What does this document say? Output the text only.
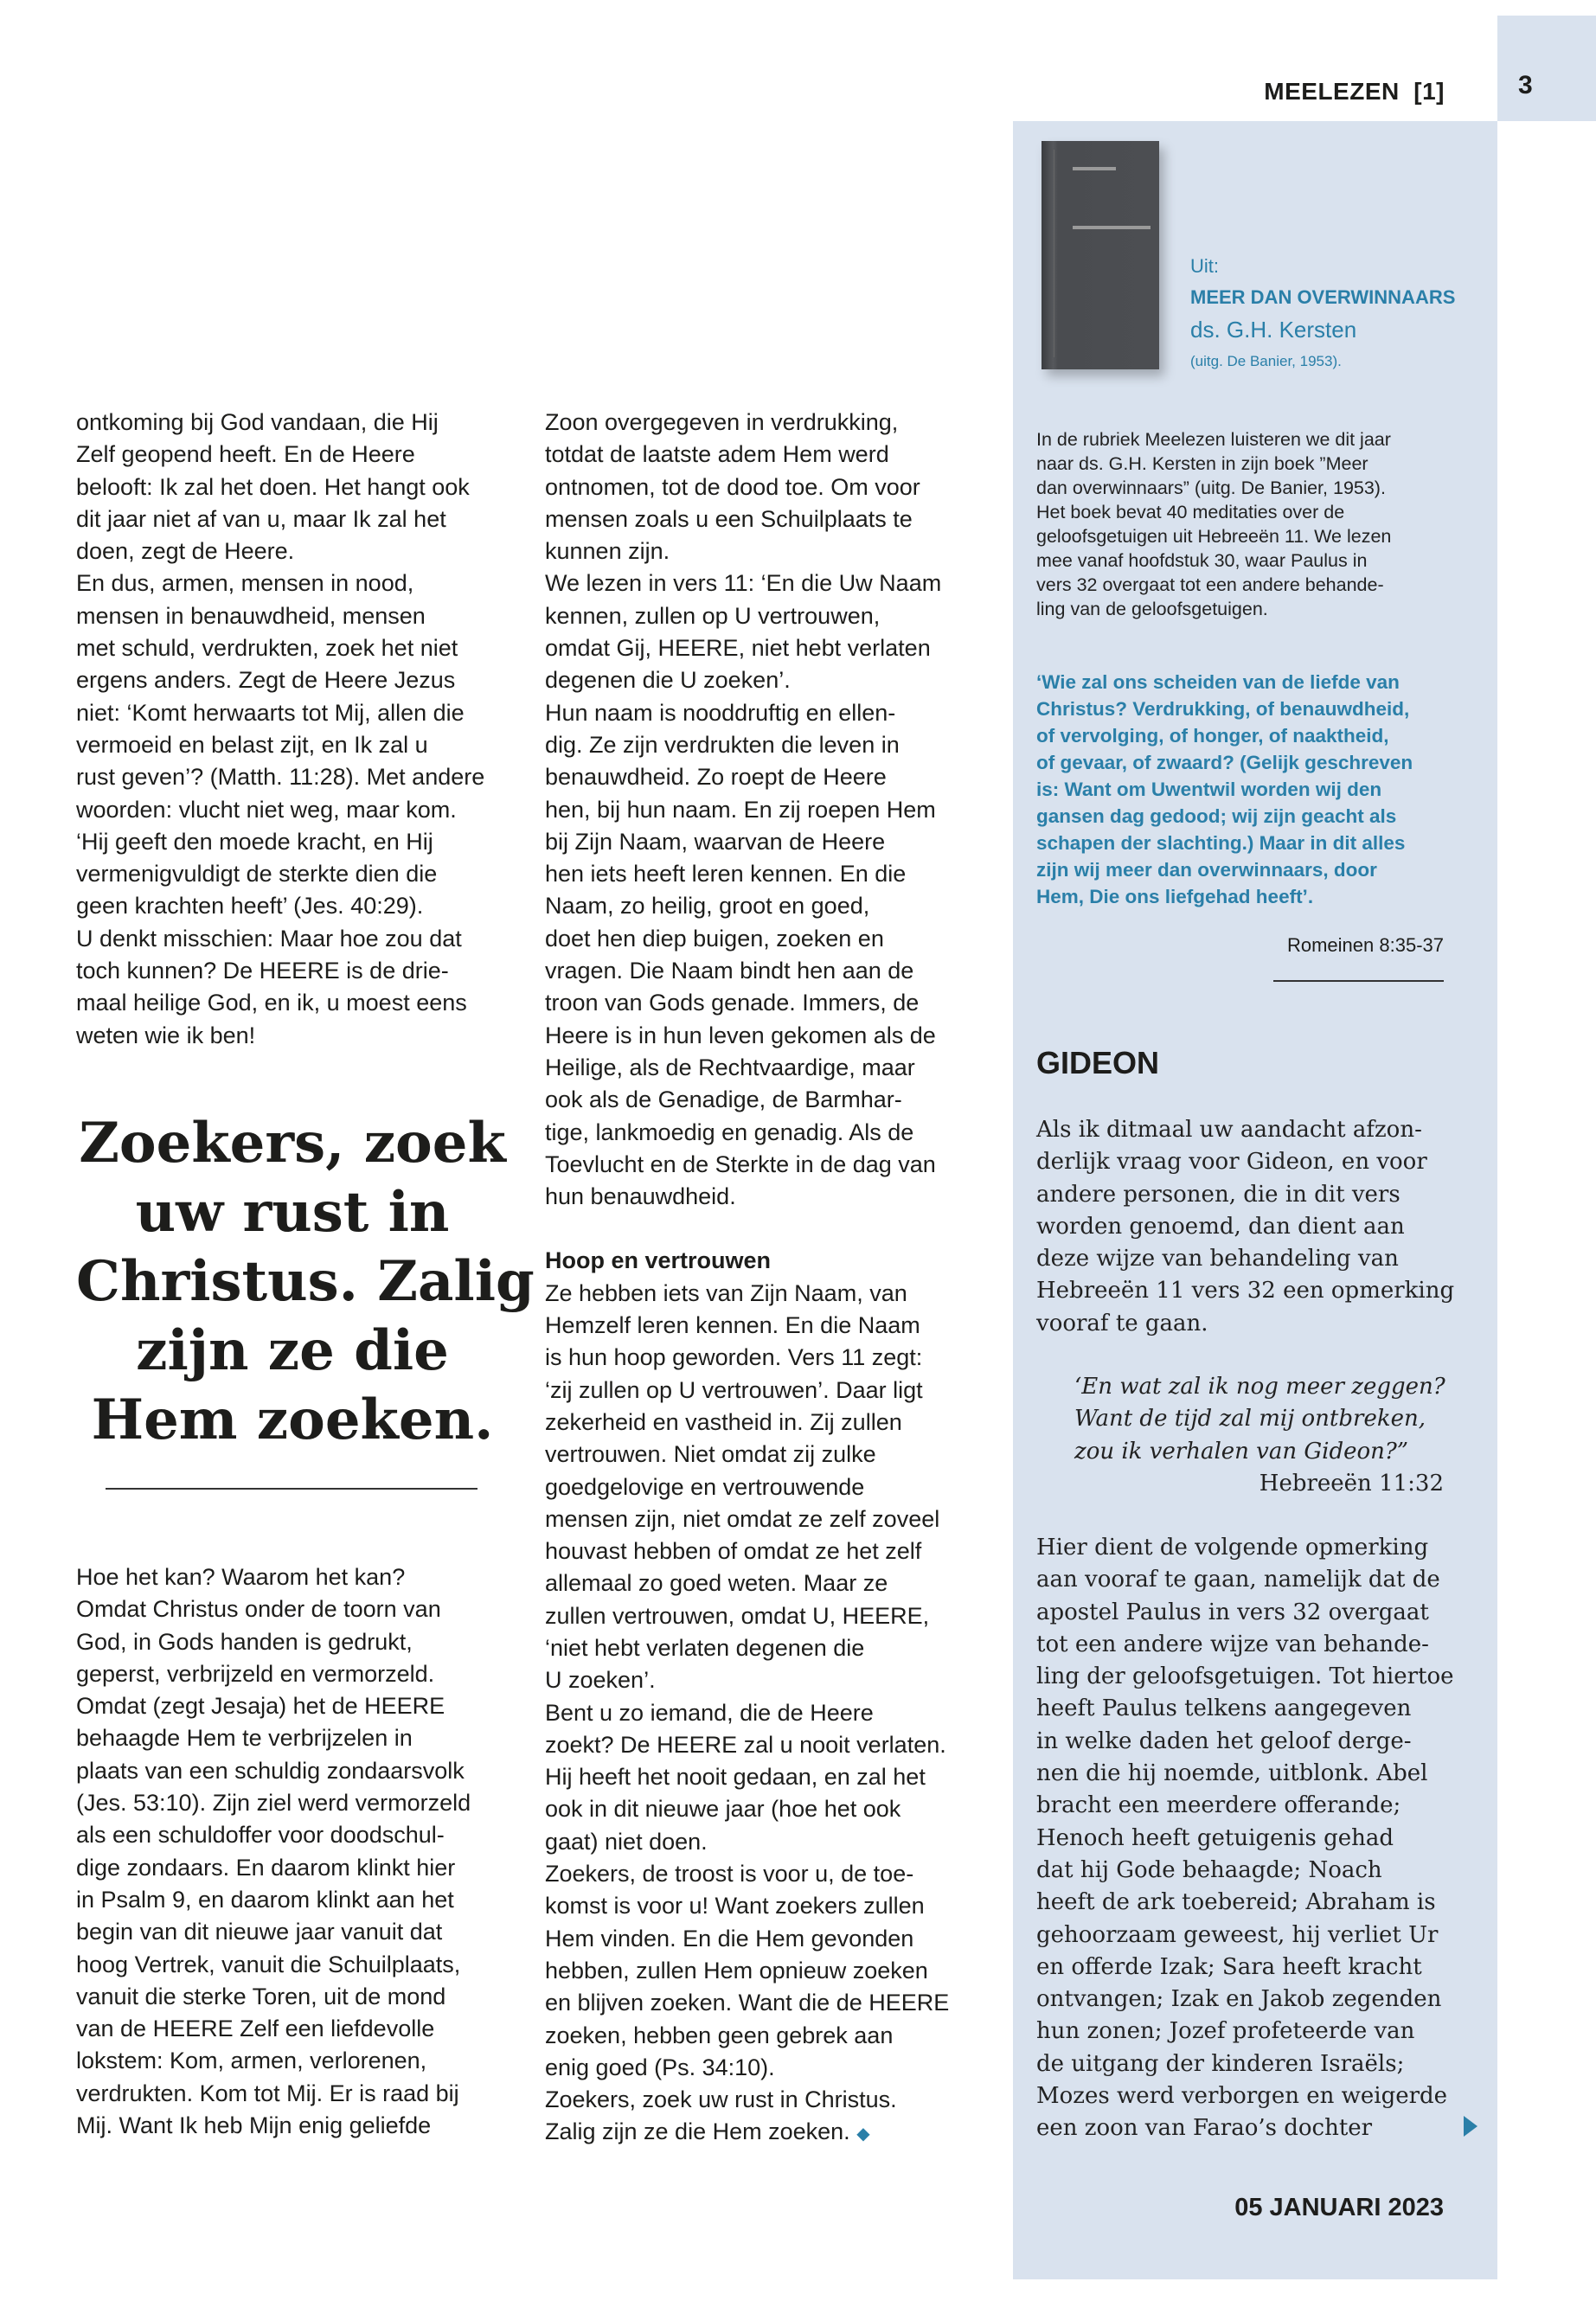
3
MEELEZEN  [1]
Uit:
MEER DAN OVERWINNAARS
ds. G.H. Kersten
(uitg. De Banier, 1953).
In de rubriek Meelezen luisteren we dit jaar
naar ds. G.H. Kersten in zijn boek ”Meer
dan overwinnaars” (uitg. De Banier, 1953).
Het boek bevat 40 meditaties over de
geloofsgetuigen uit Hebreeën 11. We lezen
mee vanaf hoofdstuk 30, waar Paulus in
vers 32 overgaat tot een andere behande-
ling van de geloofsgetuigen.
‘Wie zal ons scheiden van de liefde van
Christus? Verdrukking, of benauwdheid,
of vervolging, of honger, of naaktheid,
of gevaar, of zwaard? (Gelijk geschreven
is: Want om Uwentwil worden wij den
gansen dag gedood; wij zijn geacht als
schapen der slachting.) Maar in dit alles
zijn wij meer dan overwinnaars, door
Hem, Die ons liefgehad heeft’.
Romeinen 8:35-37
GIDEON
Als ik ditmaal uw aandacht afzon-
derlijk vraag voor Gideon, en voor
andere personen, die in dit vers
worden genoemd, dan dient aan
deze wijze van behandeling van
Hebreeën 11 vers 32 een opmerking
vooraf te gaan.
‘En wat zal ik nog meer zeggen?
Want de tijd zal mij ontbreken,
zou ik verhalen van Gideon?”
Hebreeën 11:32
Hier dient de volgende opmerking
aan vooraf te gaan, namelijk dat de
apostel Paulus in vers 32 overgaat
tot een andere wijze van behande-
ling der geloofsgetuigen. Tot hiertoe
heeft Paulus telkens aangegeven
in welke daden het geloof dergе-
nen die hij noemde, uitblonk. Abel
bracht een meerdere offerande;
Henoch heeft getuigenis gehad
dat hij Gode behaagde; Noach
heeft de ark toebereid; Abraham is
gehoorzaam geweest, hij verliet Ur
en offerde Izak; Sara heeft kracht
ontvangen; Izak en Jakob zegenden
hun zonen; Jozef profeteerde van
de uitgang der kinderen Israëls;
Mozes werd verborgen en weigerde
een zoon van Farao’s dochter
05 JANUARI 2023
ontkoming bij God vandaan, die Hij
Zelf geopend heeft. En de Heere
belooft: Ik zal het doen. Het hangt ook
dit jaar niet af van u, maar Ik zal het
doen, zegt de Heere.
En dus, armen, mensen in nood,
mensen in benauwdheid, mensen
met schuld, verdrukten, zoek het niet
ergens anders. Zegt de Heere Jezus
niet: ‘Komt herwaarts tot Mij, allen die
vermoeid en belast zijt, en Ik zal u
rust geven’? (Matth. 11:28). Met andere
woorden: vlucht niet weg, maar kom.
‘Hij geeft den moede kracht, en Hij
vermenigvuldigt de sterkte dien die
geen krachten heeft’ (Jes. 40:29).
U denkt misschien: Maar hoe zou dat
toch kunnen? De HEERE is de drie-
maal heilige God, en ik, u moest eens
weten wie ik ben!
Zoekers, zoek
uw rust in
Christus. Zalig
zijn ze die
Hem zoeken.
Hoe het kan? Waarom het kan?
Omdat Christus onder de toorn van
God, in Gods handen is gedrukt,
geperst, verbrijzeld en vermorzeld.
Omdat (zegt Jesaja) het de HEERE
behaagde Hem te verbrijzelen in
plaats van een schuldig zondaarsvolk
(Jes. 53:10). Zijn ziel werd vermorzeld
als een schuldoffer voor doodschul-
dige zondaars. En daarom klinkt hier
in Psalm 9, en daarom klinkt aan het
begin van dit nieuwe jaar vanuit dat
hoog Vertrek, vanuit die Schuilplaats,
vanuit die sterke Toren, uit de mond
van de HEERE Zelf een liefdevolle
lokstem: Kom, armen, verlorenen,
verdrukten. Kom tot Mij. Er is raad bij
Mij. Want Ik heb Mijn enig geliefde
Zoon overgegeven in verdrukking,
totdat de laatste adem Hem werd
ontnomen, tot de dood toe. Om voor
mensen zoals u een Schuilplaats te
kunnen zijn.
We lezen in vers 11: ‘En die Uw Naam
kennen, zullen op U vertrouwen,
omdat Gij, HEERE, niet hebt verlaten
degenen die U zoeken’.
Hun naam is nooddruftig en ellen-
dig. Ze zijn verdrukten die leven in
benauwdheid. Zo roept de Heere
hen, bij hun naam. En zij roepen Hem
bij Zijn Naam, waarvan de Heere
hen iets heeft leren kennen. En die
Naam, zo heilig, groot en goed,
doet hen diep buigen, zoeken en
vragen. Die Naam bindt hen aan de
troon van Gods genade. Immers, de
Heere is in hun leven gekomen als de
Heilige, als de Rechtvaardige, maar
ook als de Genadige, de Barmhar-
tige, lankmoedig en genadig. Als de
Toevlucht en de Sterkte in de dag van
hun benauwdheid.
Hoop en vertrouwen
Ze hebben iets van Zijn Naam, van
Hemzelf leren kennen. En die Naam
is hun hoop geworden. Vers 11 zegt:
‘zij zullen op U vertrouwen’. Daar ligt
zekerheid en vastheid in. Zij zullen
vertrouwen. Niet omdat zij zulke
goedgelovige en vertrouwende
mensen zijn, niet omdat ze zelf zoveel
houvast hebben of omdat ze het zelf
allemaal zo goed weten. Maar ze
zullen vertrouwen, omdat U, HEERE,
‘niet hebt verlaten degenen die
U zoeken’.
Bent u zo iemand, die de Heere
zoekt? De HEERE zal u nooit verlaten.
Hij heeft het nooit gedaan, en zal het
ook in dit nieuwe jaar (hoe het ook
gaat) niet doen.
Zoekers, de troost is voor u, de toe-
komst is voor u! Want zoekers zullen
Hem vinden. En die Hem gevonden
hebben, zullen Hem opnieuw zoeken
en blijven zoeken. Want die de HEERE
zoeken, hebben geen gebrek aan
enig goed (Ps. 34:10).
Zoekers, zoek uw rust in Christus.
Zalig zijn ze die Hem zoeken. ◆
